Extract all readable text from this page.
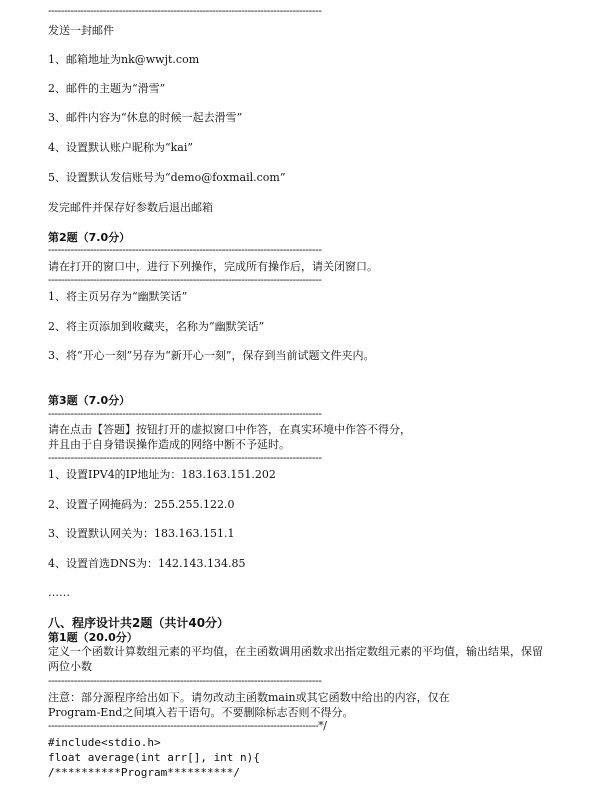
-------------------------------------------------------------------------------------
发送一封邮件
1、邮箱地址为nk@wwjt.com
2、邮件的主题为“滑雪”
3、邮件内容为“休息的时候一起去滑雪”
4、设置默认账户昵称为“kai”
5、设置默认发信账号为“demo@foxmail.com”
发完邮件并保存好参数后退出邮箱
第2题（7.0分）
-------------------------------------------------------------------------------------
请在打开的窗口中，进行下列操作，完成所有操作后，请关闭窗口。
-------------------------------------------------------------------------------------
1、将主页另存为“幽默笑话”
2、将主页添加到收藏夹，名称为“幽默笑话”
3、将“开心一刻”另存为“新开心一刻”，保存到当前试题文件夹内。
第3题（7.0分）
-------------------------------------------------------------------------------------
请在点击【答题】按钮打开的虚拟窗口中作答，在真实环境中作答不得分，
并且由于自身错误操作造成的网络中断不予延时。
-------------------------------------------------------------------------------------
1、设置IPV4的IP地址为：183.163.151.202
2、设置子网掩码为：255.255.122.0
3、设置默认网关为：183.163.151.1
4、设置首选DNS为：142.143.134.85
……
八、程序设计共2题（共计40分）
第1题（20.0分）
定义一个函数计算数组元素的平均值，在主函数调用函数求出指定数组元素的平均值，输出结果，保留
两位小数
-------------------------------------------------------------------------------------
注意：部分源程序给出如下。请勿改动主函数main或其它函数中给出的内容，仅在
Program-End之间填入若干语句。不要删除标志否则不得分。
------------------------------------------------------------------------------------*/
#include<stdio.h>
float average(int arr[], int n){
/**********Program**********/
